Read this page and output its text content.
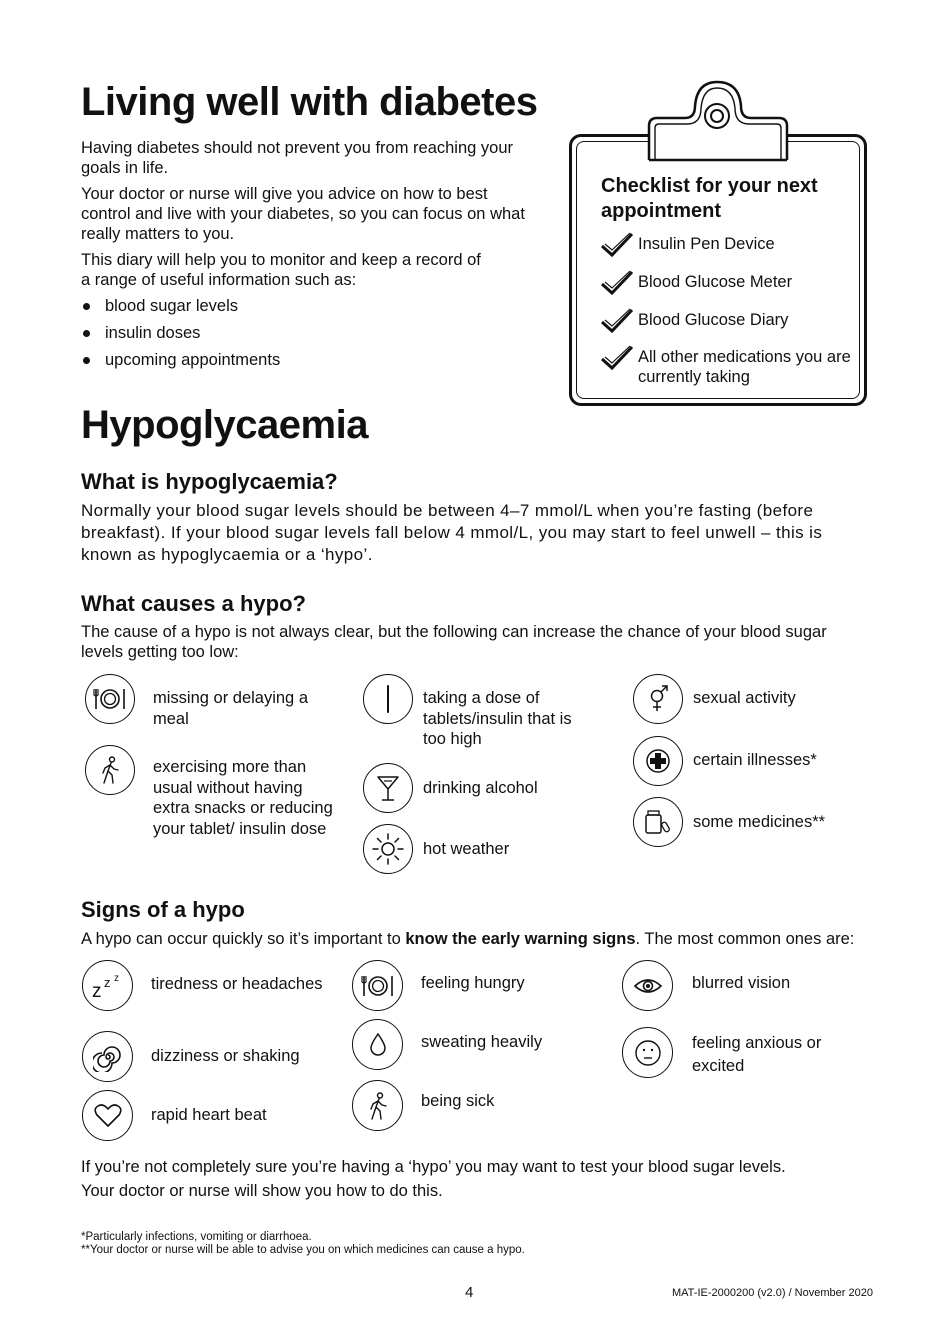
Living well with diabetes

Having diabetes should not prevent you from reaching your goals in life.

Your doctor or nurse will give you advice on how to best control and live with your diabetes, so you can focus on what really matters to you.

This diary will help you to monitor and keep a record of a range of useful information such as:

blood sugar levels
insulin doses
upcoming appointments
Checklist for your next appointment
Insulin Pen Device
Blood Glucose Meter
Blood Glucose Diary
All other medications you are currently taking
Hypoglycaemia
What is hypoglycaemia?

Normally your blood sugar levels should be between 4–7 mmol/L when you’re fasting (before breakfast). If your blood sugar levels fall below 4 mmol/L, you may start to feel unwell – this is known as hypoglycaemia or a ‘hypo’.

What causes a hypo?

The cause of a hypo is not always clear, but the following can increase the chance of your blood sugar levels getting too low:

missing or delaying a meal
exercising more than usual without having extra snacks or reducing your tablet/ insulin dose
taking a dose of tablets/insulin that is too high
drinking alcohol
hot weather
sexual activity
certain illnesses*
some medicines**
Signs of a hypo

A hypo can occur quickly so it’s important to know the early warning signs. The most common ones are:

z z z tiredness or headaches
dizziness or shaking
rapid heart beat
feeling hungry
sweating heavily
being sick
blurred vision
feeling anxious or excited

If you’re not completely sure you’re having a ‘hypo’ you may want to test your blood sugar levels.
Your doctor or nurse will show you how to do this.

*Particularly infections, vomiting or diarrhoea.
**Your doctor or nurse will be able to advise you on which medicines can cause a hypo.
4	MAT-IE-2000200 (v2.0) / November 2020
